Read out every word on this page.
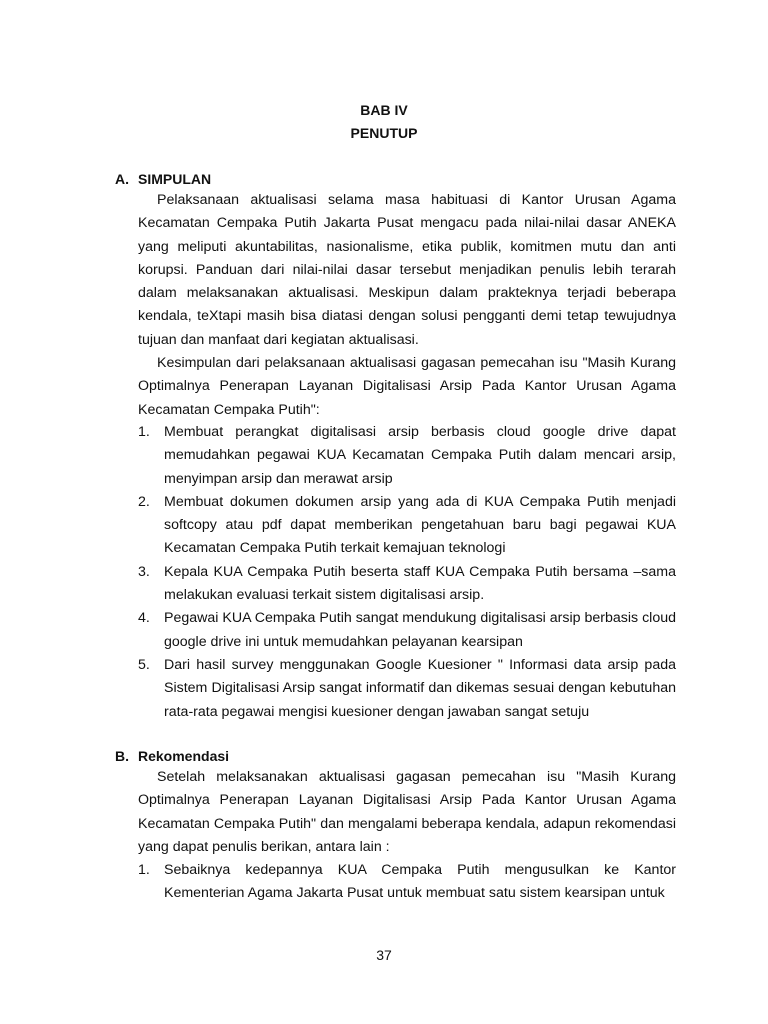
BAB IV
PENUTUP
A. SIMPULAN

Pelaksanaan aktualisasi selama masa habituasi di Kantor Urusan Agama Kecamatan Cempaka Putih Jakarta Pusat mengacu pada nilai-nilai dasar ANEKA yang meliputi akuntabilitas, nasionalisme, etika publik, komitmen mutu dan anti korupsi. Panduan dari nilai-nilai dasar tersebut menjadikan penulis lebih terarah dalam melaksanakan aktualisasi. Meskipun dalam prakteknya terjadi beberapa kendala, teXtapi masih bisa diatasi dengan solusi pengganti demi tetap tewujudnya tujuan dan manfaat dari kegiatan aktualisasi.

Kesimpulan dari pelaksanaan aktualisasi gagasan pemecahan isu "Masih Kurang Optimalnya Penerapan Layanan Digitalisasi Arsip Pada Kantor Urusan Agama Kecamatan Cempaka Putih":

1. Membuat perangkat digitalisasi arsip berbasis cloud google drive dapat memudahkan pegawai KUA Kecamatan Cempaka Putih dalam mencari arsip, menyimpan arsip dan merawat arsip
2. Membuat dokumen dokumen arsip yang ada di KUA Cempaka Putih menjadi softcopy atau pdf dapat memberikan pengetahuan baru bagi pegawai KUA Kecamatan Cempaka Putih terkait kemajuan teknologi
3. Kepala KUA Cempaka Putih beserta staff KUA Cempaka Putih bersama –sama melakukan evaluasi terkait sistem digitalisasi arsip.
4. Pegawai KUA Cempaka Putih sangat mendukung digitalisasi arsip berbasis cloud google drive ini untuk memudahkan pelayanan kearsipan
5. Dari hasil survey menggunakan Google Kuesioner " Informasi data arsip pada Sistem Digitalisasi Arsip sangat informatif dan dikemas sesuai dengan kebutuhan rata-rata pegawai mengisi kuesioner dengan jawaban sangat setuju
B. Rekomendasi

Setelah melaksanakan aktualisasi gagasan pemecahan isu "Masih Kurang Optimalnya Penerapan Layanan Digitalisasi Arsip Pada Kantor Urusan Agama Kecamatan Cempaka Putih" dan mengalami beberapa kendala, adapun rekomendasi yang dapat penulis berikan, antara lain :

1. Sebaiknya kedepannya KUA Cempaka Putih mengusulkan ke Kantor Kementerian Agama Jakarta Pusat untuk membuat satu sistem kearsipan untuk
37
